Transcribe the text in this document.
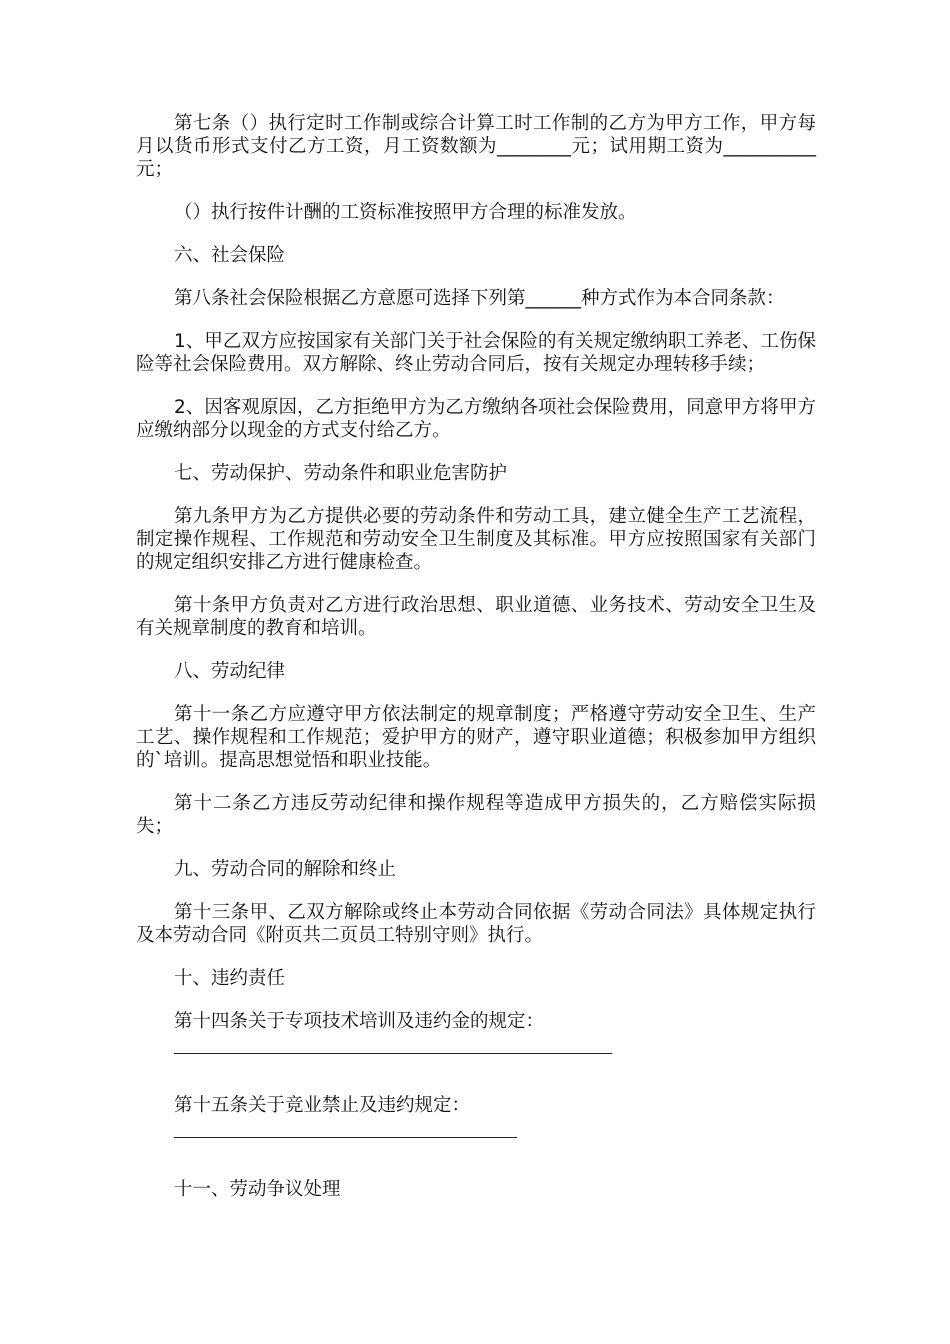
第七条（）执行定时工作制或综合计算工时工作制的乙方为甲方工作，甲方每月以货币形式支付乙方工资，月工资数额为________元；试用期工资为__________元；

（）执行按件计酬的工资标准按照甲方合理的标准发放。

六、社会保险

第八条社会保险根据乙方意愿可选择下列第______种方式作为本合同条款：

1、甲乙双方应按国家有关部门关于社会保险的有关规定缴纳职工养老、工伤保险等社会保险费用。双方解除、终止劳动合同后，按有关规定办理转移手续；

2、因客观原因，乙方拒绝甲方为乙方缴纳各项社会保险费用，同意甲方将甲方应缴纳部分以现金的方式支付给乙方。

七、劳动保护、劳动条件和职业危害防护

第九条甲方为乙方提供必要的劳动条件和劳动工具，建立健全生产工艺流程，制定操作规程、工作规范和劳动安全卫生制度及其标准。甲方应按照国家有关部门的规定组织安排乙方进行健康检查。

第十条甲方负责对乙方进行政治思想、职业道德、业务技术、劳动安全卫生及有关规章制度的教育和培训。

八、劳动纪律

第十一条乙方应遵守甲方依法制定的规章制度；严格遵守劳动安全卫生、生产工艺、操作规程和工作规范；爱护甲方的财产，遵守职业道德；积极参加甲方组织的`培训。提高思想觉悟和职业技能。

第十二条乙方违反劳动纪律和操作规程等造成甲方损失的，乙方赔偿实际损失；

九、劳动合同的解除和终止

第十三条甲、乙双方解除或终止本劳动合同依据《劳动合同法》具体规定执行及本劳动合同《附页共二页员工特别守则》执行。

十、违约责任

第十四条关于专项技术培训及违约金的规定：

第十五条关于竞业禁止及违约规定：

十一、劳动争议处理
